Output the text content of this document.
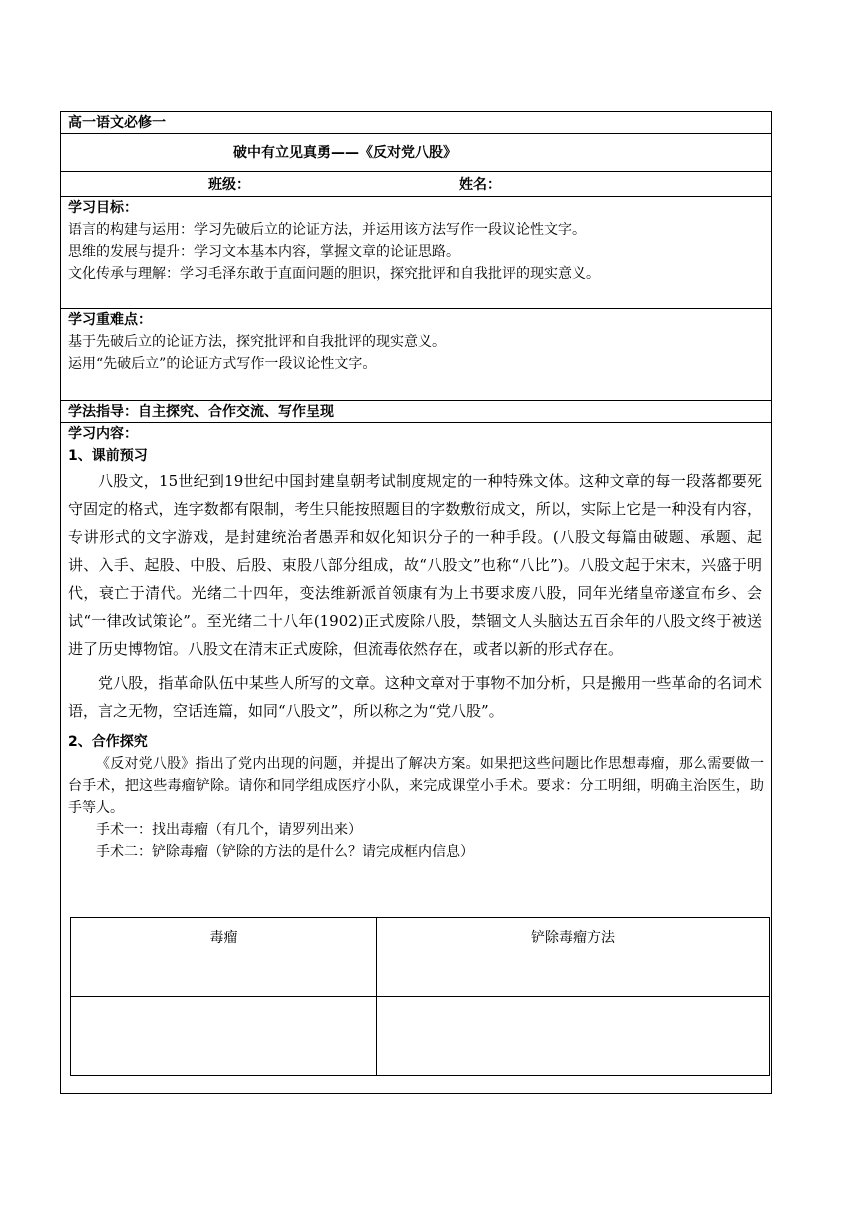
高一语文必修一
破中有立见真勇——《反对党八股》
班级：	姓名：
学习目标：
语言的构建与运用：学习先破后立的论证方法，并运用该方法写作一段议论性文字。
思维的发展与提升：学习文本基本内容，掌握文章的论证思路。
文化传承与理解：学习毛泽东敢于直面问题的胆识，探究批评和自我批评的现实意义。
学习重难点：
基于先破后立的论证方法，探究批评和自我批评的现实意义。
运用“先破后立”的论证方式写作一段议论性文字。
学法指导：自主探究、合作交流、写作呈现
学习内容：
1、课前预习

八股文，15世纪到19世纪中国封建皇朝考试制度规定的一种特殊文体。这种文章的每一段落都要死守固定的格式，连字数都有限制，考生只能按照题目的字数敷衍成文，所以，实际上它是一种没有内容，专讲形式的文字游戏，是封建统治者愚弄和奴化知识分子的一种手段。(八股文每篇由破题、承题、起讲、入手、起股、中股、后股、束股八部分组成，故“八股文”也称“八比”)。八股文起于宋末，兴盛于明代，衰亡于清代。光绪二十四年，变法维新派首领康有为上书要求废八股，同年光绪皇帝遂宣布乡、会试“一律改试策论”。至光绪二十八年(1902)正式废除八股，禁锢文人头脑达五百余年的八股文终于被送进了历史博物馆。八股文在清末正式废除，但流毒依然存在，或者以新的形式存在。

党八股，指革命队伍中某些人所写的文章。这种文章对于事物不加分析，只是搬用一些革命的名词术语，言之无物，空话连篇，如同“八股文”，所以称之为“党八股”。

2、合作探究

《反对党八股》指出了党内出现的问题，并提出了解决方案。如果把这些问题比作思想毒瘤，那么需要做一台手术，把这些毒瘤铲除。请你和同学组成医疗小队，来完成课堂小手术。要求：分工明细，明确主治医生，助手等人。

手术一：找出毒瘤（有几个，请罗列出来）

手术二：铲除毒瘤（铲除的方法的是什么？请完成框内信息）

毒瘤	铲除毒瘤方法
